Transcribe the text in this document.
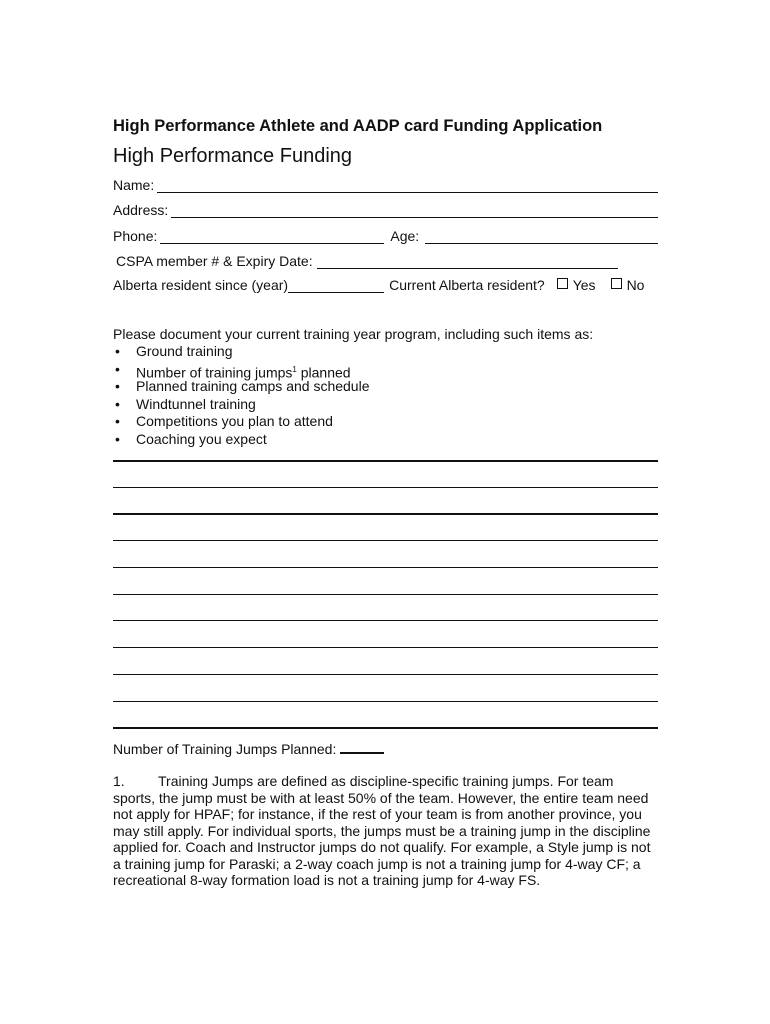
High Performance Athlete and AADP card Funding Application
High Performance Funding
Name:
Address:
Phone:	Age:
CSPA member # & Expiry Date:
Alberta resident since (year)	Current Alberta resident?	Yes	No
Please document your current training year program, including such items as:
• Ground training
• Number of training jumps$^1$ planned
• Planned training camps and schedule
• Windtunnel training
• Competitions you plan to attend
• Coaching you expect
Number of Training Jumps Planned:
1. Training Jumps are defined as discipline-specific training jumps. For team sports, the jump must be with at least 50% of the team. However, the entire team need not apply for HPAF; for instance, if the rest of your team is from another province, you may still apply. For individual sports, the jumps must be a training jump in the discipline applied for. Coach and Instructor jumps do not qualify. For example, a Style jump is not a training jump for Paraski; a 2-way coach jump is not a training jump for 4-way CF; a recreational 8-way formation load is not a training jump for 4-way FS.
